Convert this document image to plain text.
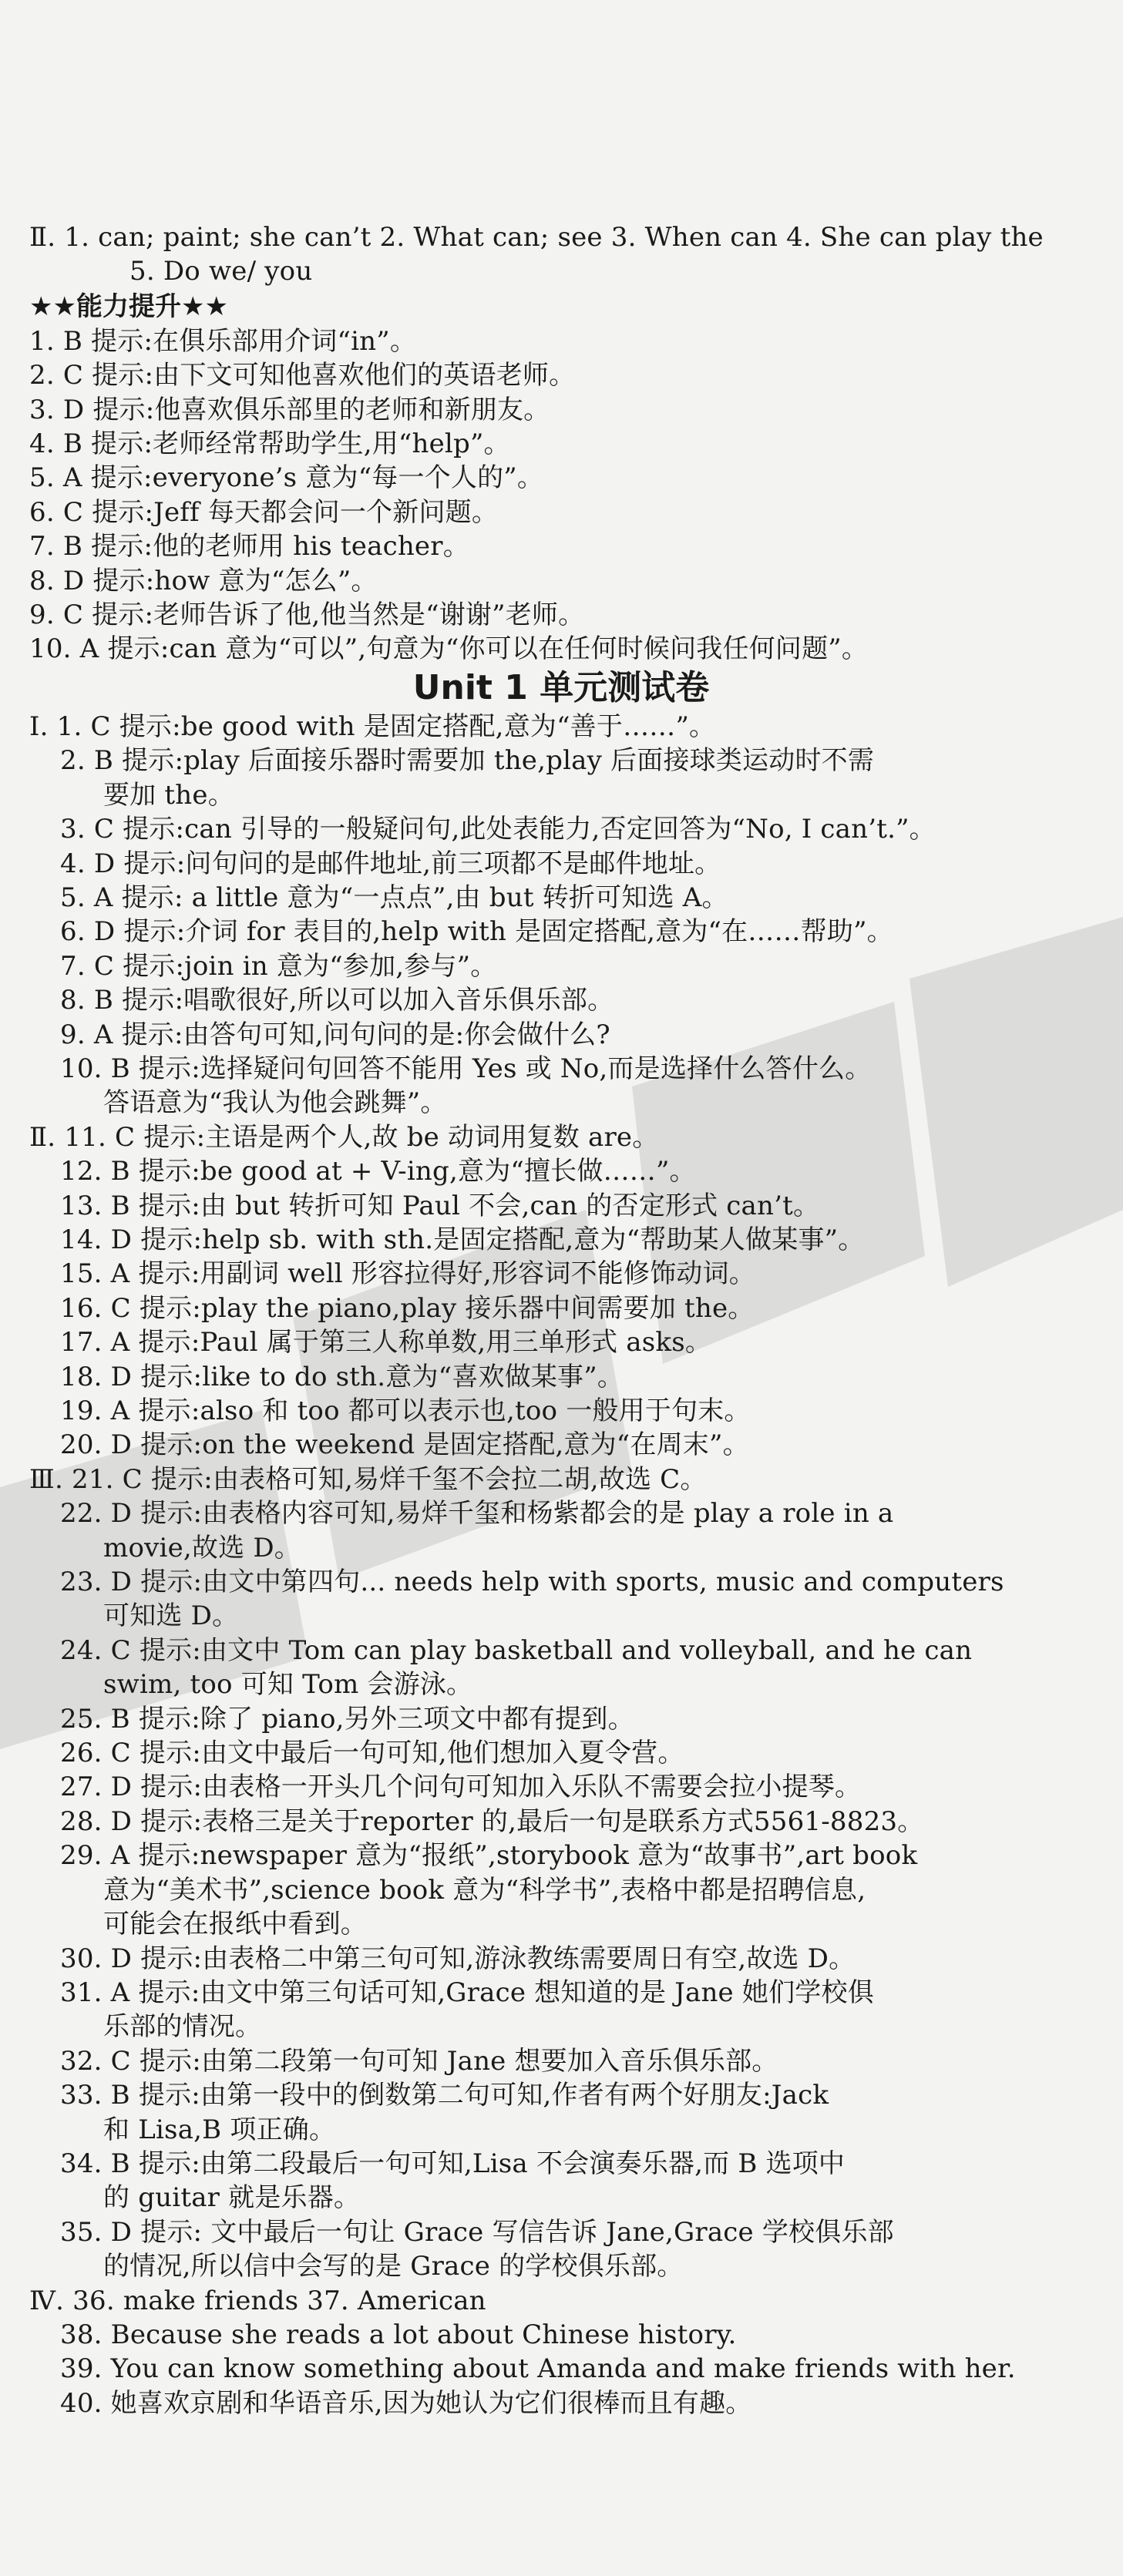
Ⅱ. 1. can; paint; she can’t 2. What can; see 3. When can 4. She can play the
5. Do we/ you
★★能力提升★★
1. B 提示:在俱乐部用介词“in”。
2. C 提示:由下文可知他喜欢他们的英语老师。
3. D 提示:他喜欢俱乐部里的老师和新朋友。
4. B 提示:老师经常帮助学生,用“help”。
5. A 提示:everyone’s 意为“每一个人的”。
6. C 提示:Jeff 每天都会问一个新问题。
7. B 提示:他的老师用 his teacher。
8. D 提示:how 意为“怎么”。
9. C 提示:老师告诉了他,他当然是“谢谢”老师。
10. A 提示:can 意为“可以”,句意为“你可以在任何时候问我任何问题”。
Unit 1 单元测试卷
Ⅰ. 1. C 提示:be good with 是固定搭配,意为“善于……”。
2. B 提示:play 后面接乐器时需要加 the,play 后面接球类运动时不需
要加 the。
3. C 提示:can 引导的一般疑问句,此处表能力,否定回答为“No, I can’t.”。
4. D 提示:问句问的是邮件地址,前三项都不是邮件地址。
5. A 提示: a little 意为“一点点”,由 but 转折可知选 A。
6. D 提示:介词 for 表目的,help with 是固定搭配,意为“在……帮助”。
7. C 提示:join in 意为“参加,参与”。
8. B 提示:唱歌很好,所以可以加入音乐俱乐部。
9. A 提示:由答句可知,问句问的是:你会做什么?
10. B 提示:选择疑问句回答不能用 Yes 或 No,而是选择什么答什么。
答语意为“我认为他会跳舞”。
Ⅱ. 11. C 提示:主语是两个人,故 be 动词用复数 are。
12. B 提示:be good at + V-ing,意为“擅长做……”。
13. B 提示:由 but 转折可知 Paul 不会,can 的否定形式 can’t。
14. D 提示:help sb. with sth.是固定搭配,意为“帮助某人做某事”。
15. A 提示:用副词 well 形容拉得好,形容词不能修饰动词。
16. C 提示:play the piano,play 接乐器中间需要加 the。
17. A 提示:Paul 属于第三人称单数,用三单形式 asks。
18. D 提示:like to do sth.意为“喜欢做某事”。
19. A 提示:also 和 too 都可以表示也,too 一般用于句末。
20. D 提示:on the weekend 是固定搭配,意为“在周末”。
Ⅲ. 21. C 提示:由表格可知,易烊千玺不会拉二胡,故选 C。
22. D 提示:由表格内容可知,易烊千玺和杨紫都会的是 play a role in a
movie,故选 D。
23. D 提示:由文中第四句... needs help with sports, music and computers
可知选 D。
24. C 提示:由文中 Tom can play basketball and volleyball, and he can
swim, too 可知 Tom 会游泳。
25. B 提示:除了 piano,另外三项文中都有提到。
26. C 提示:由文中最后一句可知,他们想加入夏令营。
27. D 提示:由表格一开头几个问句可知加入乐队不需要会拉小提琴。
28. D 提示:表格三是关于reporter 的,最后一句是联系方式5561-8823。
29. A 提示:newspaper 意为“报纸”,storybook 意为“故事书”,art book
意为“美术书”,science book 意为“科学书”,表格中都是招聘信息,
可能会在报纸中看到。
30. D 提示:由表格二中第三句可知,游泳教练需要周日有空,故选 D。
31. A 提示:由文中第三句话可知,Grace 想知道的是 Jane 她们学校俱
乐部的情况。
32. C 提示:由第二段第一句可知 Jane 想要加入音乐俱乐部。
33. B 提示:由第一段中的倒数第二句可知,作者有两个好朋友:Jack
和 Lisa,B 项正确。
34. B 提示:由第二段最后一句可知,Lisa 不会演奏乐器,而 B 选项中
的 guitar 就是乐器。
35. D 提示: 文中最后一句让 Grace 写信告诉 Jane,Grace 学校俱乐部
的情况,所以信中会写的是 Grace 的学校俱乐部。
Ⅳ. 36. make friends 37. American
38. Because she reads a lot about Chinese history.
39. You can know something about Amanda and make friends with her.
40. 她喜欢京剧和华语音乐,因为她认为它们很棒而且有趣。
